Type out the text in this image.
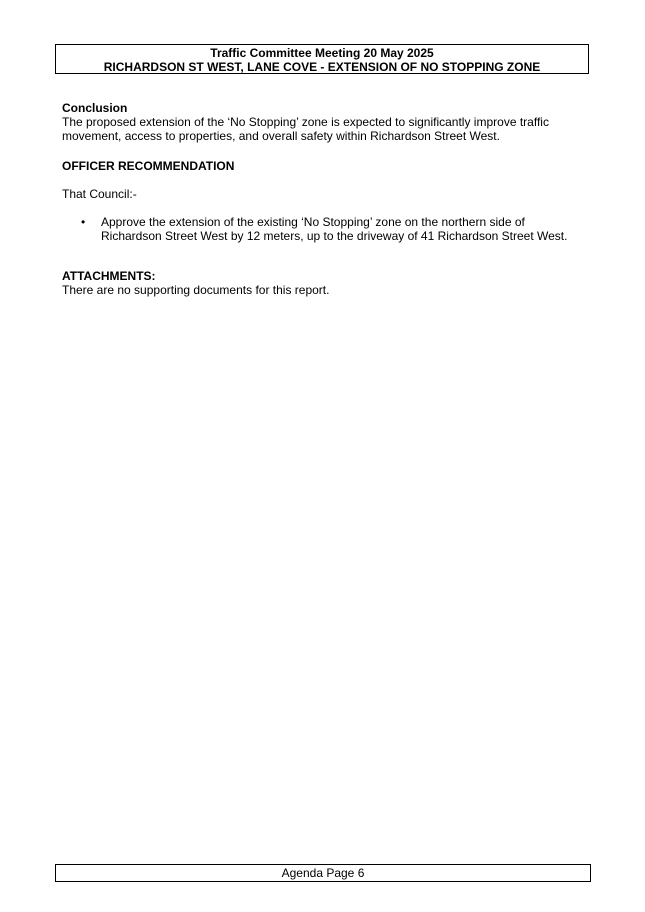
Traffic Committee Meeting 20 May 2025
RICHARDSON ST WEST, LANE COVE - EXTENSION OF NO STOPPING ZONE

Conclusion

The proposed extension of the ‘No Stopping’ zone is expected to significantly improve traffic

movement, access to properties, and overall safety within Richardson Street West.

OFFICER RECOMMENDATION

That Council:-

• Approve the extension of the existing ‘No Stopping’ zone on the northern side of
Richardson Street West by 12 meters, up to the driveway of 41 Richardson Street West.

ATTACHMENTS:

There are no supporting documents for this report.

Agenda Page 6
